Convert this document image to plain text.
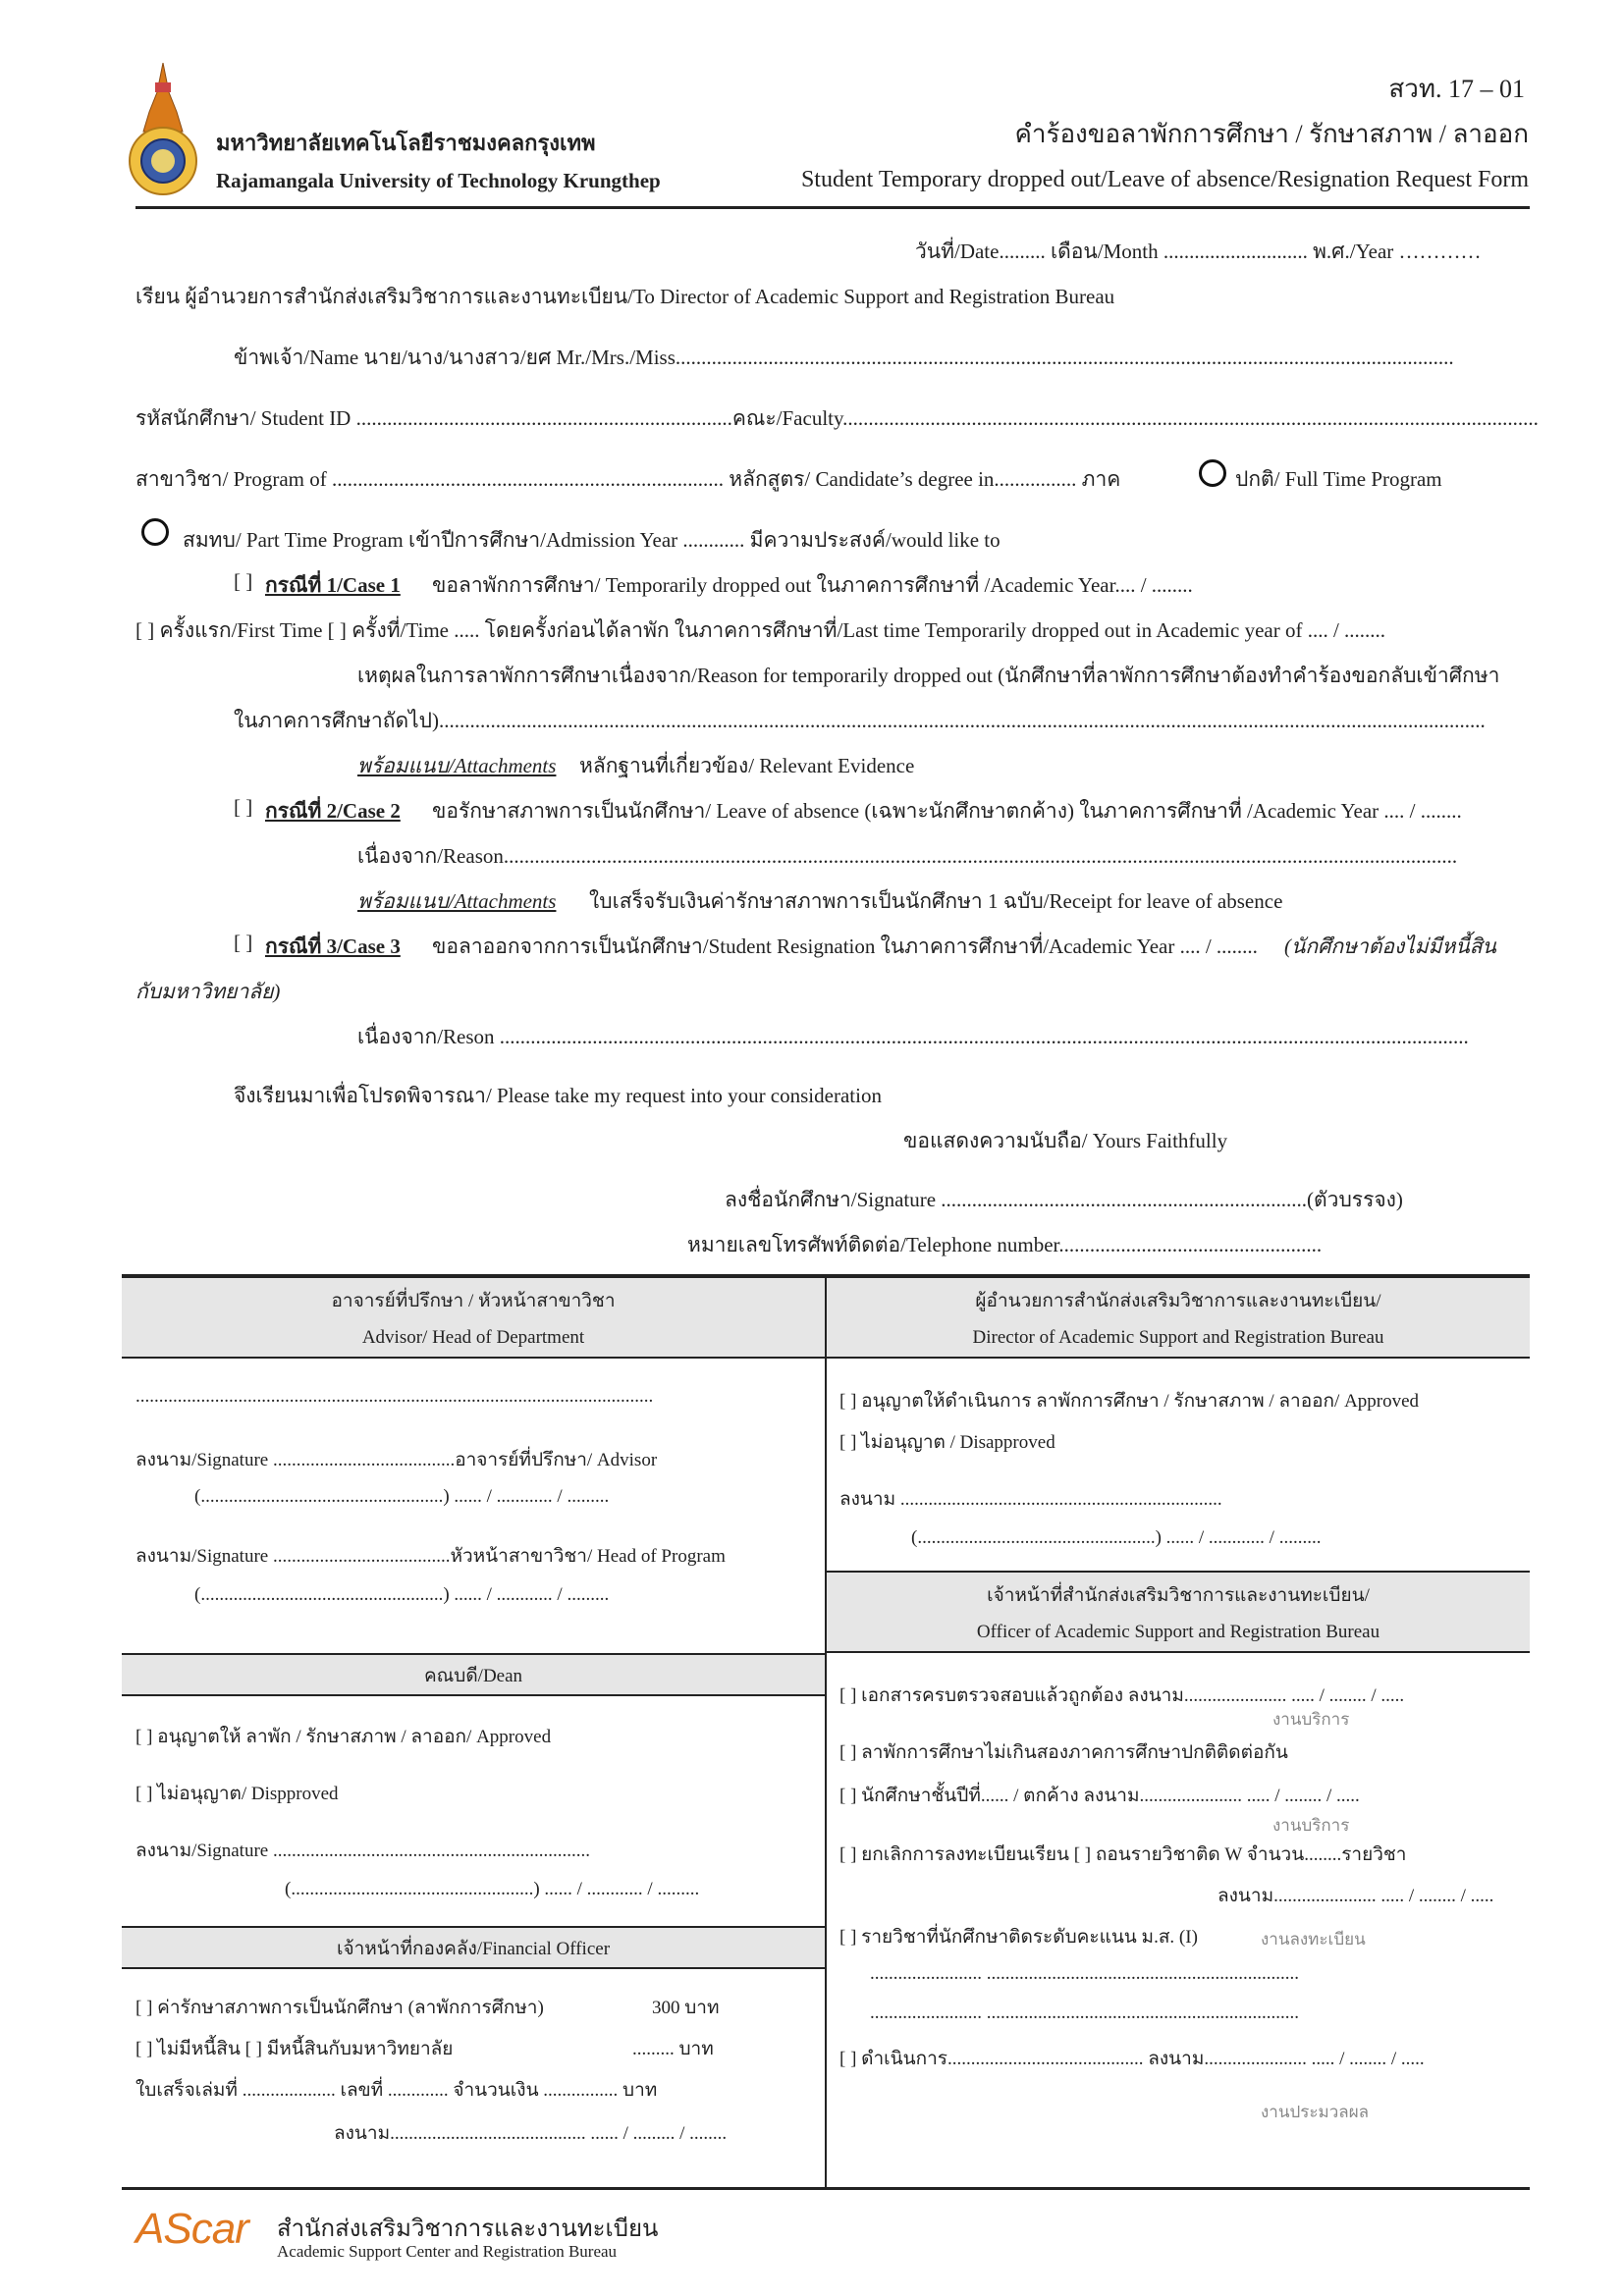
มหาวิทยาลัยเทคโนโลยีราชมงคลกรุงเทพ
Rajamangala University of Technology Krungthep
สวท. 17 – 01
คำร้องขอลาพักการศึกษา / รักษาสภาพ / ลาออก
Student Temporary dropped out/Leave of absence/Resignation Request Form
วันที่/Date......... เดือน/Month ............................ พ.ศ./Year …………
เรียน ผู้อำนวยการสำนักส่งเสริมวิชาการและงานทะเบียน/To Director of Academic Support and Registration Bureau
ข้าพเจ้า/Name นาย/นาง/นางสาว/ยศ Mr./Mrs./Miss.......................................................................................................................................................
รหัสนักศึกษา/ Student ID .........................................................................คณะ/Faculty.......................................................................................................................................
สาขาวิชา/ Program of ............................................................................ หลักสูตร/ Candidate’s degree in................ ภาค	ปกติ/ Full Time Program
สมทบ/ Part Time Program เข้าปีการศึกษา/Admission Year ............ มีความประสงค์/would like to
[ ] กรณีที่ 1/Case 1 ขอลาพักการศึกษา/ Temporarily dropped out ในภาคการศึกษาที่ /Academic Year.... / ........
[ ] ครั้งแรก/First Time [ ] ครั้งที่/Time ..... โดยครั้งก่อนได้ลาพัก ในภาคการศึกษาที่/Last time Temporarily dropped out in Academic year of .... / ........
เหตุผลในการลาพักการศึกษาเนื่องจาก/Reason for temporarily dropped out (นักศึกษาที่ลาพักการศึกษาต้องทำคำร้องขอกลับเข้าศึกษา
ในภาคการศึกษาถัดไป)...........................................................................................................................................................................................................
พร้อมแนบ/Attachments หลักฐานที่เกี่ยวข้อง/ Relevant Evidence
[ ] กรณีที่ 2/Case 2 ขอรักษาสภาพการเป็นนักศึกษา/ Leave of absence (เฉพาะนักศึกษาตกค้าง) ในภาคการศึกษาที่ /Academic Year .... / ........
เนื่องจาก/Reason.........................................................................................................................................................................................
พร้อมแนบ/Attachments ใบเสร็จรับเงินค่ารักษาสภาพการเป็นนักศึกษา 1 ฉบับ/Receipt for leave of absence
[ ] กรณีที่ 3/Case 3 ขอลาออกจากการเป็นนักศึกษา/Student Resignation ในภาคการศึกษาที่/Academic Year .... / ........ (นักศึกษาต้องไม่มีหนี้สิน
กับมหาวิทยาลัย)
เนื่องจาก/Reson ............................................................................................................................................................................................
จึงเรียนมาเพื่อโปรดพิจารณา/ Please take my request into your consideration
ขอแสดงความนับถือ/ Yours Faithfully
ลงชื่อนักศึกษา/Signature .......................................................................(ตัวบรรจง)
หมายเลขโทรศัพท์ติดต่อ/Telephone number...................................................
อาจารย์ที่ปรึกษา / หัวหน้าสาขาวิชา
Advisor/ Head of Department
ผู้อำนวยการสำนักส่งเสริมวิชาการและงานทะเบียน/
Director of Academic Support and Registration Bureau
...............................................................................................................
ลงนาม/Signature .......................................อาจารย์ที่ปรึกษา/ Advisor
(....................................................) ...... / ............ / .........
ลงนาม/Signature ......................................หัวหน้าสาขาวิชา/ Head of Program
(....................................................) ...... / ............ / .........
[ ] อนุญาตให้ดำเนินการ ลาพักการศึกษา / รักษาสภาพ / ลาออก/ Approved
[ ] ไม่อนุญาต / Disapproved
ลงนาม .....................................................................
(...................................................) ...... / ............ / .........
เจ้าหน้าที่สำนักส่งเสริมวิชาการและงานทะเบียน/
Officer of Academic Support and Registration Bureau
คณบดี/Dean
[ ] อนุญาตให้ ลาพัก / รักษาสภาพ / ลาออก/ Approved
[ ] ไม่อนุญาต/ Dispproved
ลงนาม/Signature ....................................................................
(....................................................) ...... / ............ / .........
เจ้าหน้าที่กองคลัง/Financial Officer
[ ] ค่ารักษาสภาพการเป็นนักศึกษา (ลาพักการศึกษา)	300 บาท
[ ] ไม่มีหนี้สิน [ ] มีหนี้สินกับมหาวิทยาลัย	......... บาท
ใบเสร็จเล่มที่ .................... เลขที่ ............. จำนวนเงิน ................ บาท
ลงนาม.......................................... ...... / ......... / ........
[ ] เอกสารครบตรวจสอบแล้วถูกต้อง ลงนาม...................... ..... / ........ / .....
งานบริการ
[ ] ลาพักการศึกษาไม่เกินสองภาคการศึกษาปกติติดต่อกัน
[ ] นักศึกษาชั้นปีที่...... / ตกค้าง ลงนาม...................... ..... / ........ / .....
งานบริการ
[ ] ยกเลิกการลงทะเบียนเรียน [ ] ถอนรายวิชาติด W จำนวน........รายวิชา
ลงนาม...................... ..... / ........ / .....
[ ] รายวิชาที่นักศึกษาติดระดับคะแนน ม.ส. (I)	งานลงทะเบียน
........................ ...................................................................
........................ ...................................................................
[ ] ดำเนินการ.......................................... ลงนาม...................... ..... / ........ / .....
งานประมวลผล
AScar สำนักส่งเสริมวิชาการและงานทะเบียน
Academic Support Center and Registration Bureau
